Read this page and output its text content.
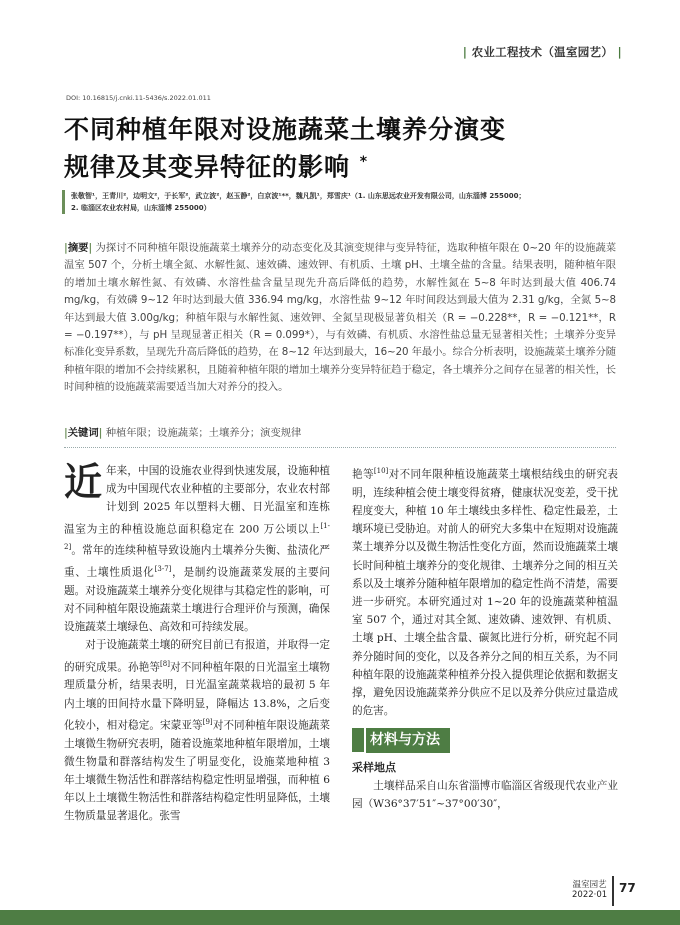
| 农业工程技术（温室园艺） |
DOI: 10.16815/j.cnki.11-5436/s.2022.01.011
不同种植年限对设施蔬菜土壤养分演变
规律及其变异特征的影响 *
张敬智¹，王青川²，边明文²，于长军²，武立波²，赵玉静²，白京波¹**，魏凡凯¹，郑雪庆¹（1. 山东思远农业开发有限公司，山东淄博 255000；
2. 临淄区农业农村局，山东淄博 255000）
|摘要| 为探讨不同种植年限设施蔬菜土壤养分的动态变化及其演变规律与变异特征，选取种植年限在 0~20 年的设施蔬菜温室 507 个，分析土壤全氮、水解性氮、速效磷、速效钾、有机质、土壤 pH、土壤全盐的含量。结果表明，随种植年限的增加土壤水解性氮、有效磷、水溶性盐含量呈现先升高后降低的趋势，水解性氮在 5~8 年时达到最大值 406.74 mg/kg，有效磷 9~12 年时达到最大值 336.94 mg/kg，水溶性盐 9~12 年时间段达到最大值为 2.31 g/kg，全氮 5~8 年达到最大值 3.00g/kg；种植年限与水解性氮、速效钾、全氮呈现极显著负相关（R = −0.228**，R = −0.121**，R = −0.197**），与 pH 呈现显著正相关（R = 0.099*），与有效磷、有机质、水溶性盐总量无显著相关性；土壤养分变异标准化变异系数，呈现先升高后降低的趋势，在 8~12 年达到最大，16~20 年最小。综合分析表明，设施蔬菜土壤养分随种植年限的增加不会持续累积，且随着种植年限的增加土壤养分变异特征趋于稳定，各土壤养分之间存在显著的相关性，长时间种植的设施蔬菜需要适当加大对养分的投入。
|关键词| 种植年限；设施蔬菜；土壤养分；演变规律

近年来，中国的设施农业得到快速发展，设施种植成为中国现代农业种植的主要部分，农业农村部计划到 2025 年以塑料大棚、日光温室和连栋温室为主的种植设施总面积稳定在 200 万公顷以上[1-2]。常年的连续种植导致设施内土壤养分失衡、盐渍化严重、土壤性质退化[3-7]，是制约设施蔬菜发展的主要问题。对设施蔬菜土壤养分变化规律与其稳定性的影响，可对不同种植年限设施蔬菜土壤进行合理评价与预测，确保设施蔬菜土壤绿色、高效和可持续发展。

对于设施蔬菜土壤的研究目前已有报道，并取得一定的研究成果。孙艳等[8]对不同种植年限的日光温室土壤物理质量分析，结果表明，日光温室蔬菜栽培的最初 5 年内土壤的田间持水量下降明显，降幅达 13.8%，之后变化较小，相对稳定。宋蒙亚等[9]对不同种植年限设施蔬菜土壤微生物研究表明，随着设施菜地种植年限增加，土壤微生物量和群落结构发生了明显变化，设施菜地种植 3 年土壤微生物活性和群落结构稳定性明显增强，而种植 6 年以上土壤微生物活性和群落结构稳定性明显降低，土壤生物质量显著退化。张雪

艳等[10]对不同年限种植设施蔬菜土壤根结线虫的研究表明，连续种植会使土壤变得贫瘠，健康状况变差，受干扰程度变大，种植 10 年土壤线虫多样性、稳定性最差，土壤环境已受胁迫。对前人的研究大多集中在短期对设施蔬菜土壤养分以及微生物活性变化方面，然而设施蔬菜土壤长时间种植土壤养分的变化规律、土壤养分之间的相互关系以及土壤养分随种植年限增加的稳定性尚不清楚，需要进一步研究。本研究通过对 1~20 年的设施蔬菜种植温室 507 个，通过对其全氮、速效磷、速效钾、有机质、土壤 pH、土壤全盐含量、碳氮比进行分析，研究起不同养分随时间的变化，以及各养分之间的相互关系，为不同种植年限的设施蔬菜种植养分投入提供理论依据和数据支撑，避免因设施蔬菜养分供应不足以及养分供应过量造成的危害。

材料与方法
采样地点

土壤样品采自山东省淄博市临淄区省级现代农业产业园（W36°37′51″~37°00′30″，

温室园艺
2022·01 77
